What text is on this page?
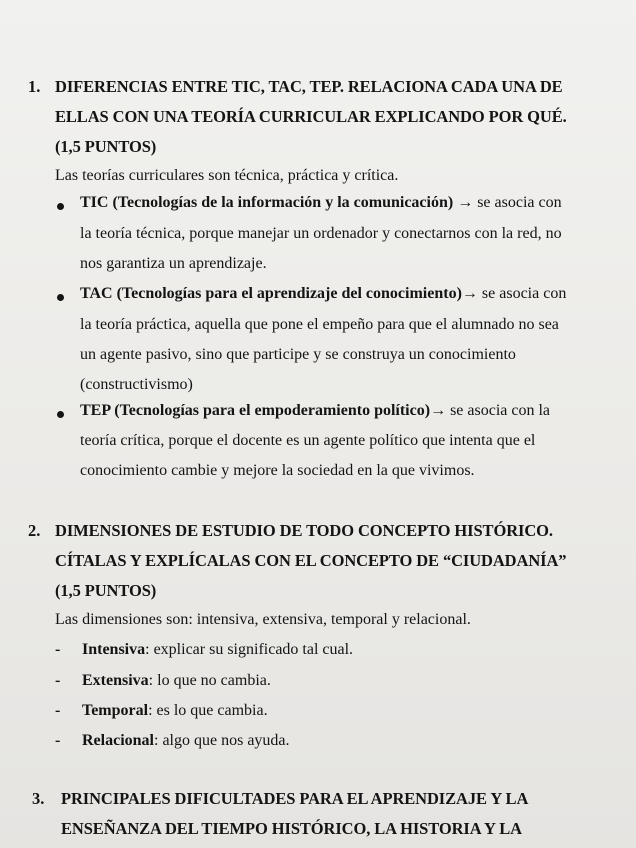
1. DIFERENCIAS ENTRE TIC, TAC, TEP. RELACIONA CADA UNA DE
ELLAS CON UNA TEORÍA CURRICULAR EXPLICANDO POR QUÉ.
(1,5 PUNTOS)
Las teorías curriculares son técnica, práctica y crítica.
TIC (Tecnologías de la información y la comunicación) → se asocia con
la teoría técnica, porque manejar un ordenador y conectarnos con la red, no
nos garantiza un aprendizaje.
TAC (Tecnologías para el aprendizaje del conocimiento)→ se asocia con
la teoría práctica, aquella que pone el empeño para que el alumnado no sea
un agente pasivo, sino que participe y se construya un conocimiento
(constructivismo)
TEP (Tecnologías para el empoderamiento político)→ se asocia con la
teoría crítica, porque el docente es un agente político que intenta que el
conocimiento cambie y mejore la sociedad en la que vivimos.
2. DIMENSIONES DE ESTUDIO DE TODO CONCEPTO HISTÓRICO.
CÍTALAS Y EXPLÍCALAS CON EL CONCEPTO DE “CIUDADANÍA”
(1,5 PUNTOS)
Las dimensiones son: intensiva, extensiva, temporal y relacional.
- Intensiva: explicar su significado tal cual.
- Extensiva: lo que no cambia.
- Temporal: es lo que cambia.
- Relacional: algo que nos ayuda.
3. PRINCIPALES DIFICULTADES PARA EL APRENDIZAJE Y LA
ENSEÑANZA DEL TIEMPO HISTÓRICO, LA HISTORIA Y LA
